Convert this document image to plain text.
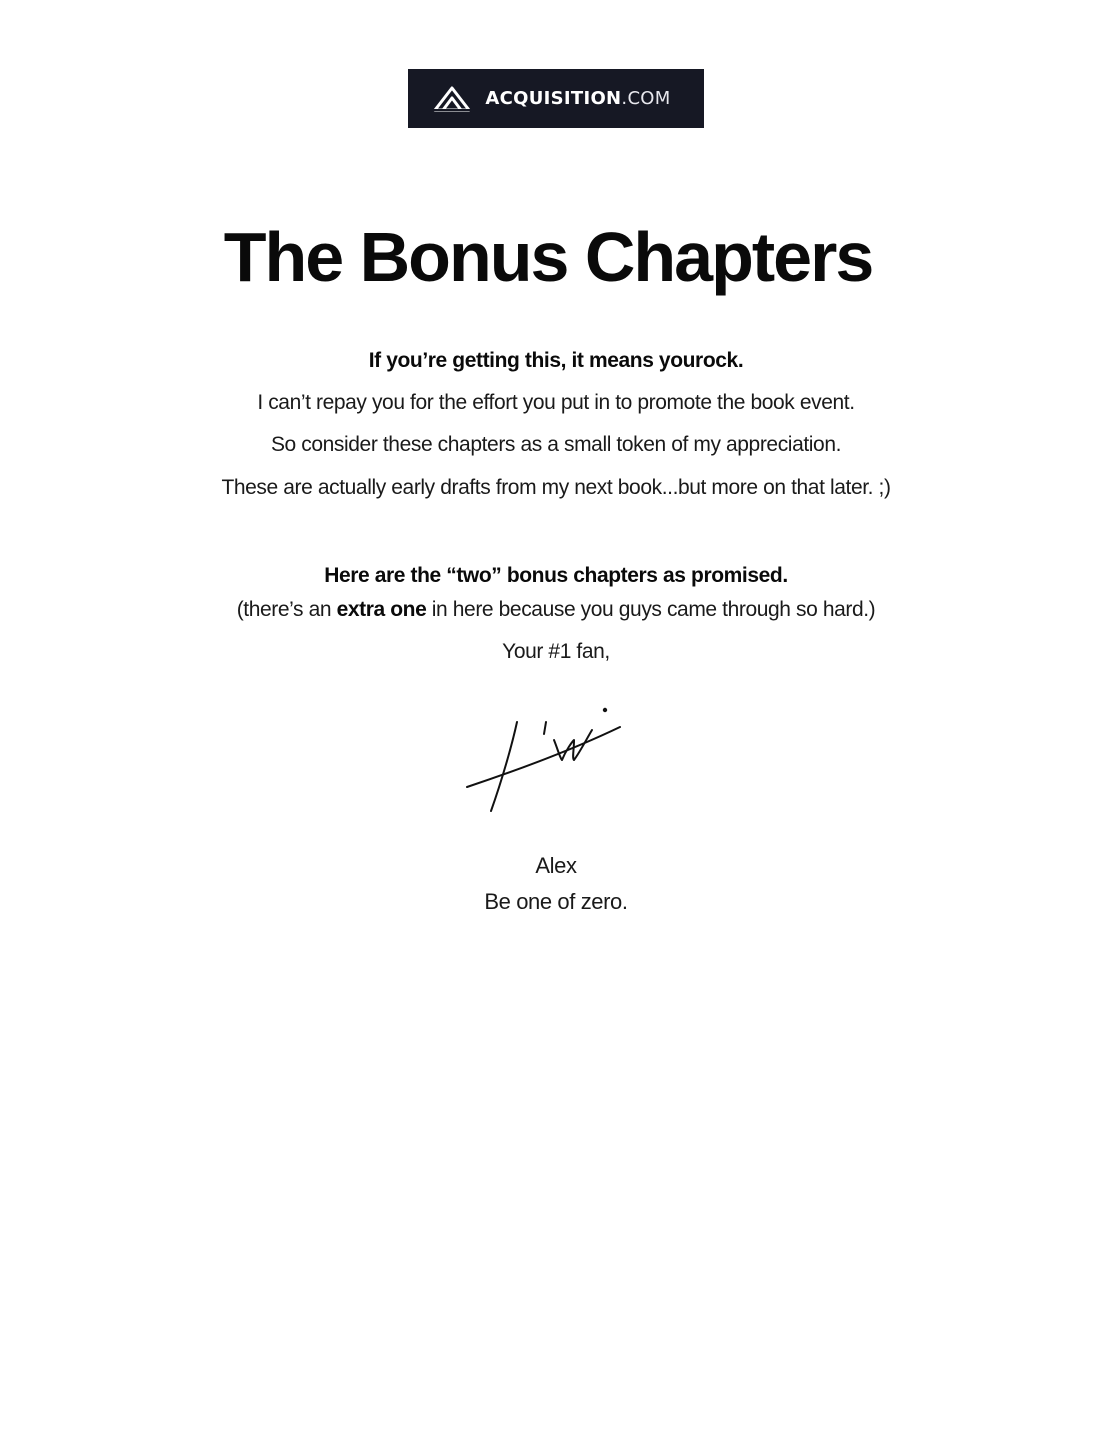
ACQUISITION.COM
The Bonus Chapters
If you’re getting this, it means yourock.
I can’t repay you for the effort you put in to promote the book event.
So consider these chapters as a small token of my appreciation.
These are actually early drafts from my next book...but more on that later. ;)
Here are the “two” bonus chapters as promised.
(there’s an extra one in here because you guys came through so hard.)
Your #1 fan,
Alex
Be one of zero.
